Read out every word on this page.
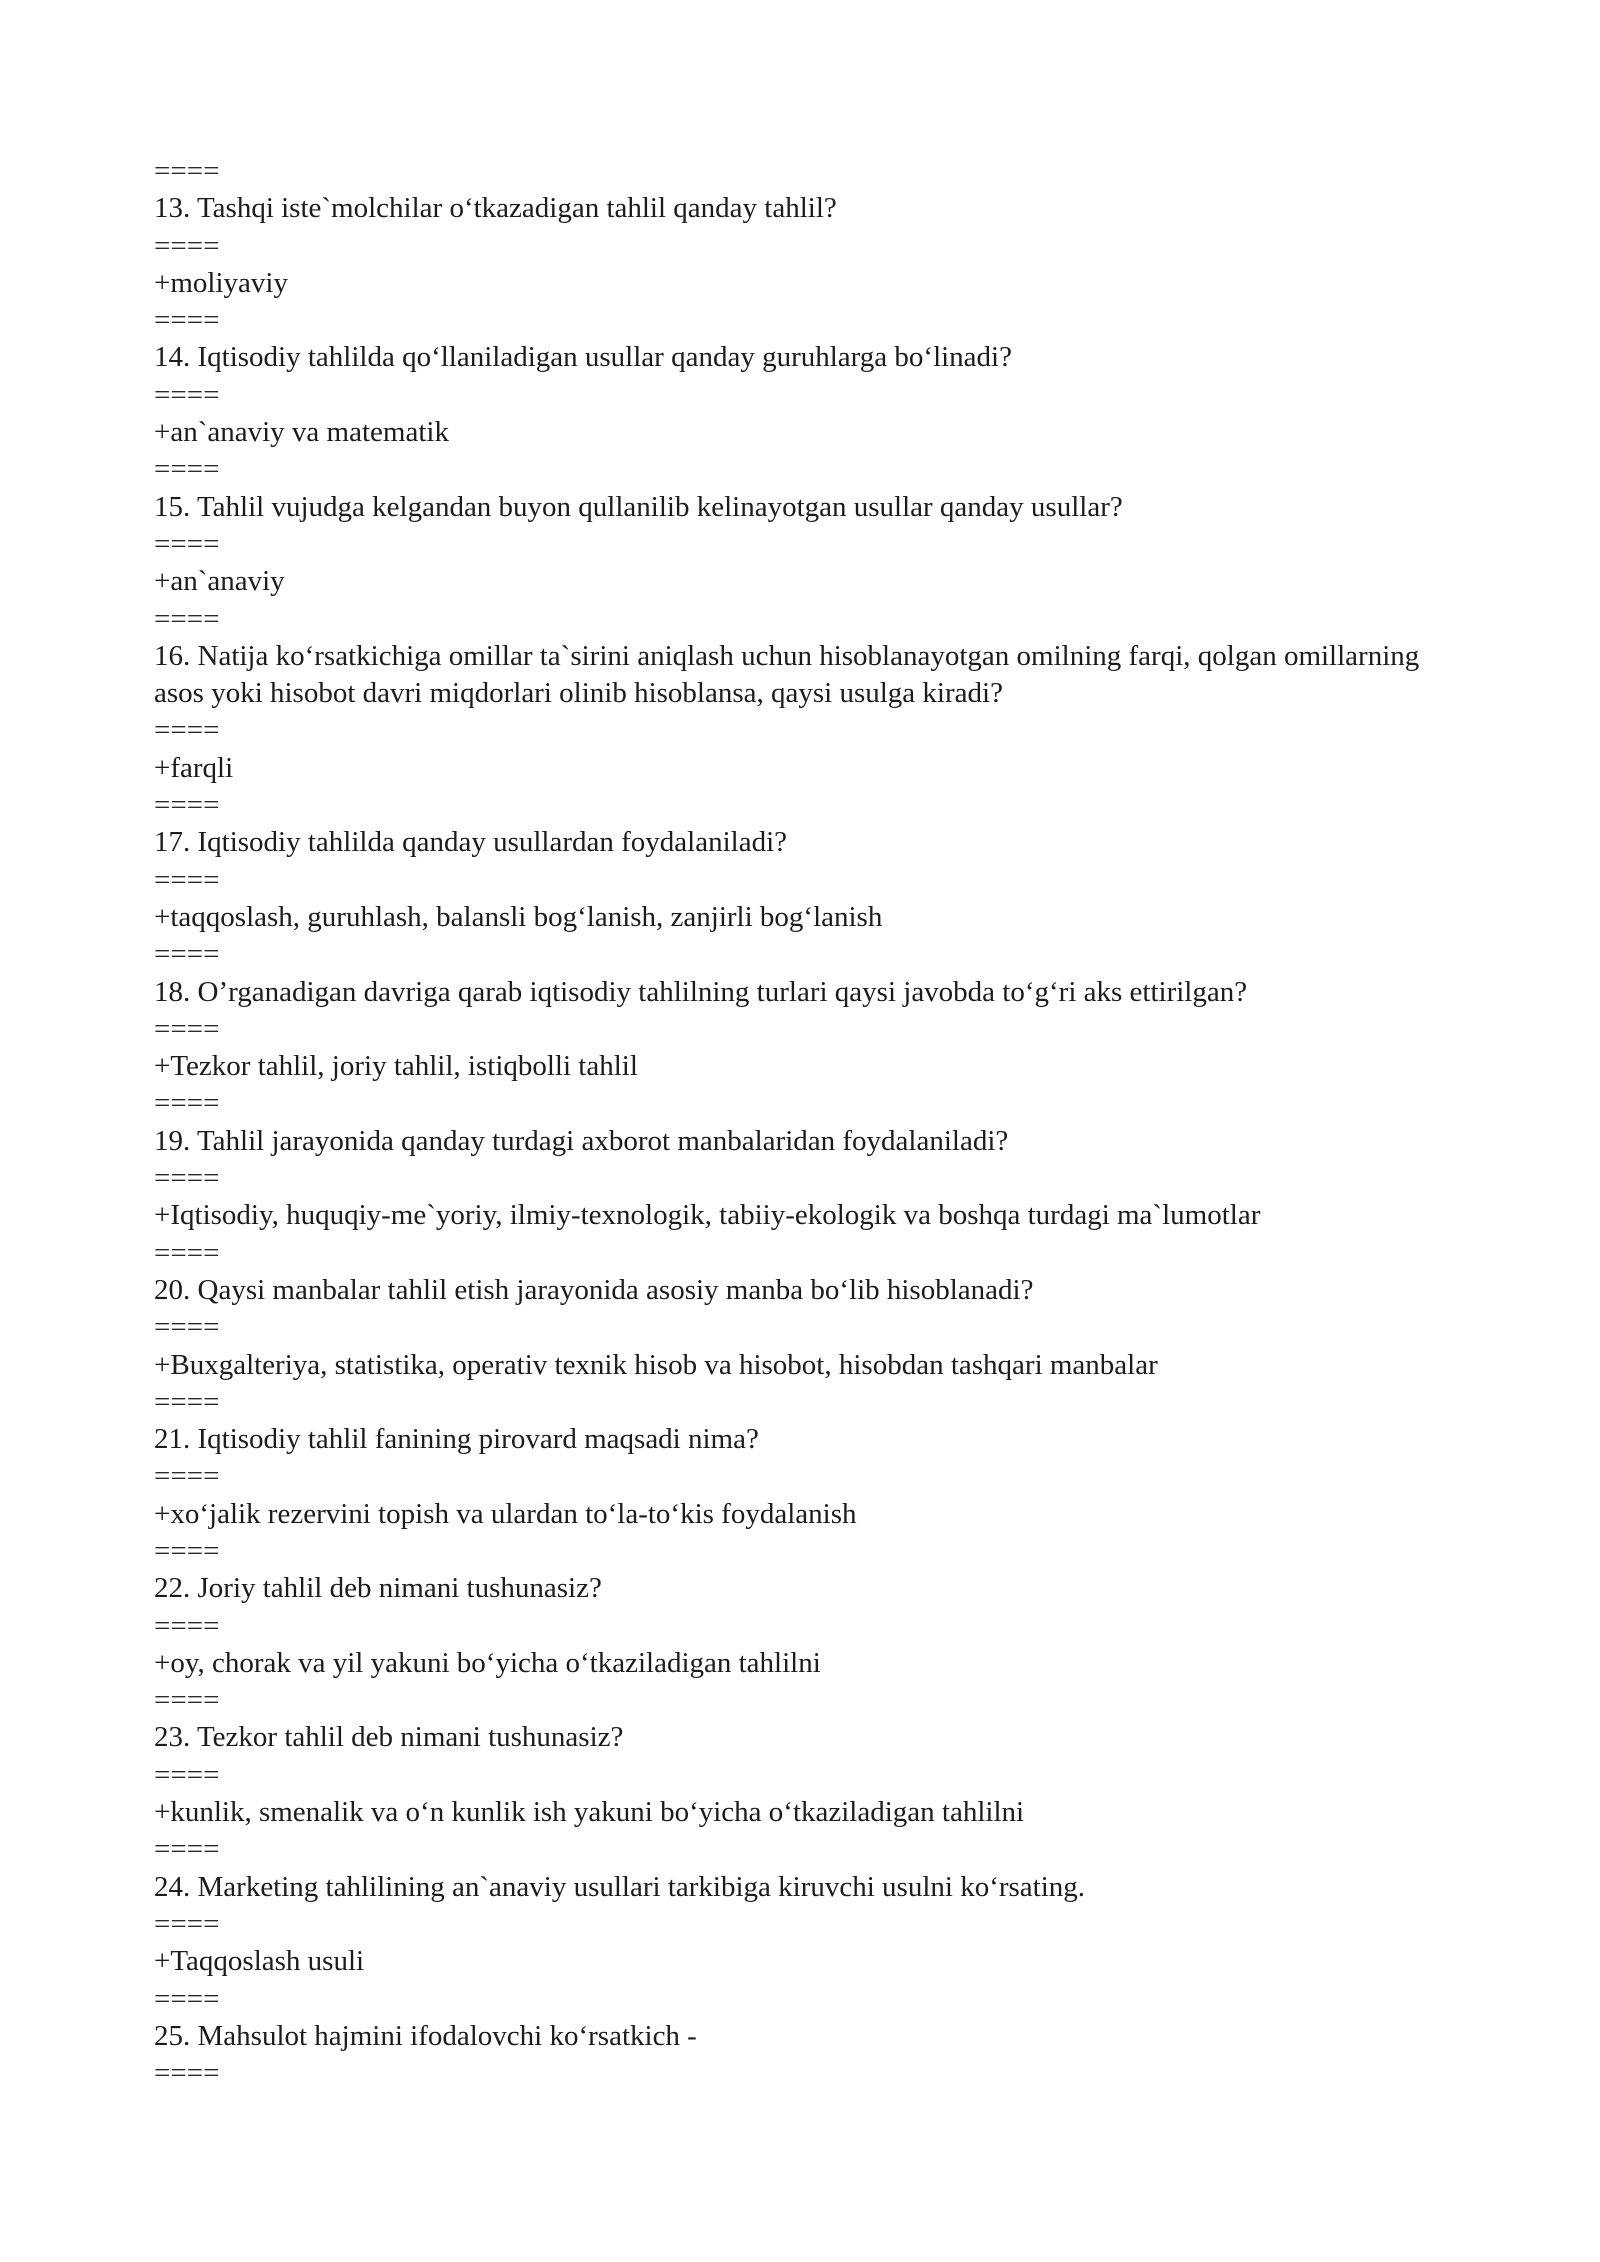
====
13. Tashqi iste`molchilar o‘tkazadigan tahlil qanday tahlil?
====
+moliyaviy
====
14. Iqtisodiy tahlilda qo‘llaniladigan usullar qanday guruhlarga bo‘linadi?
====
+an`anaviy va matematik
====
15. Tahlil vujudga kelgandan buyon qullanilib kelinayotgan usullar qanday usullar?
====
+an`anaviy
====
16. Natija ko‘rsatkichiga omillar ta`sirini aniqlash uchun hisoblanayotgan omilning farqi, qolgan omillarning asos yoki hisobot davri miqdorlari olinib hisoblansa, qaysi usulga kiradi?
====
+farqli
====
17. Iqtisodiy tahlilda qanday usullardan foydalaniladi?
====
+taqqoslash, guruhlash, balansli bog‘lanish, zanjirli bog‘lanish
====
18. O’rganadigan davriga qarab iqtisodiy tahlilning turlari qaysi javobda to‘g‘ri aks ettirilgan?
====
+Tezkor tahlil, joriy tahlil, istiqbolli tahlil
====
19. Tahlil jarayonida qanday turdagi axborot manbalaridan foydalaniladi?
====
+Iqtisodiy, huquqiy-me`yoriy, ilmiy-texnologik, tabiiy-ekologik va boshqa turdagi ma`lumotlar
====
20. Qaysi manbalar tahlil etish jarayonida asosiy manba bo‘lib hisoblanadi?
====
+Buxgalteriya, statistika, operativ texnik hisob va hisobot, hisobdan tashqari manbalar
====
21. Iqtisodiy tahlil fanining pirovard maqsadi nima?
====
+xo‘jalik rezervini topish va ulardan to‘la-to‘kis foydalanish
====
22. Joriy tahlil deb nimani tushunasiz?
====
+oy, chorak va yil yakuni bo‘yicha o‘tkaziladigan tahlilni
====
23. Tezkor tahlil deb nimani tushunasiz?
====
+kunlik, smenalik va o‘n kunlik ish yakuni bo‘yicha o‘tkaziladigan tahlilni
====
24. Marketing tahlilining an`anaviy usullari tarkibiga kiruvchi usulni ko‘rsating.
====
+Taqqoslash usuli
====
25. Mahsulot hajmini ifodalovchi ko‘rsatkich -
====
